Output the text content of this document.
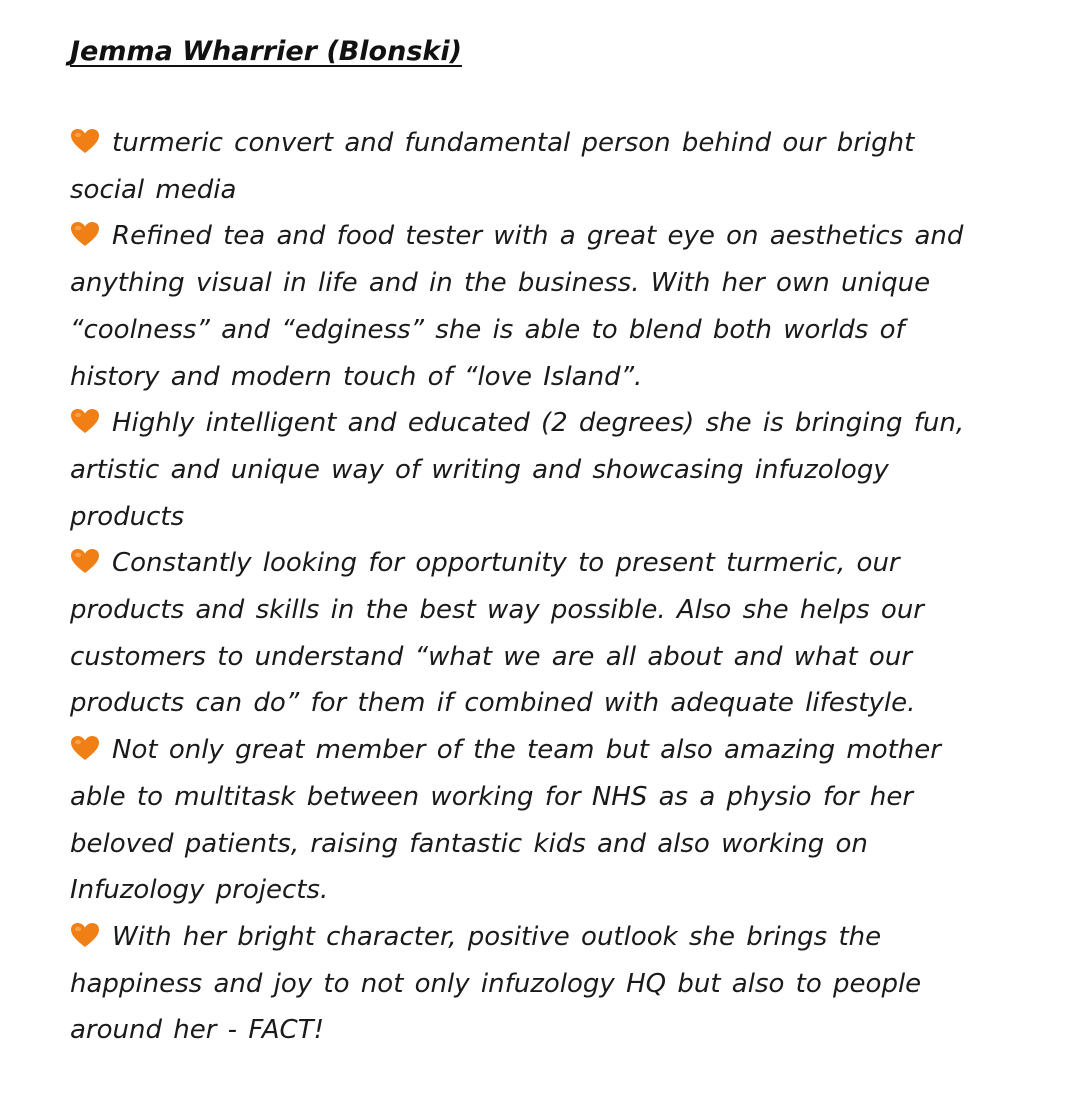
Jemma Wharrier (Blonski)
turmeric convert and fundamental person behind our bright
social media
Refined tea and food tester with a great eye on aesthetics and
anything visual in life and in the business. With her own unique
“coolness” and “edginess” she is able to blend both worlds of
history and modern touch of “love Island”.
Highly intelligent and educated (2 degrees) she is bringing fun,
artistic and unique way of writing and showcasing infuzology
products
Constantly looking for opportunity to present turmeric, our
products and skills in the best way possible. Also she helps our
customers to understand “what we are all about and what our
products can do” for them if combined with adequate lifestyle.
Not only great member of the team but also amazing mother
able to multitask between working for NHS as a physio for her
beloved patients, raising fantastic kids and also working on
Infuzology projects.
With her bright character, positive outlook she brings the
happiness and joy to not only infuzology HQ but also to people
around her - FACT!
